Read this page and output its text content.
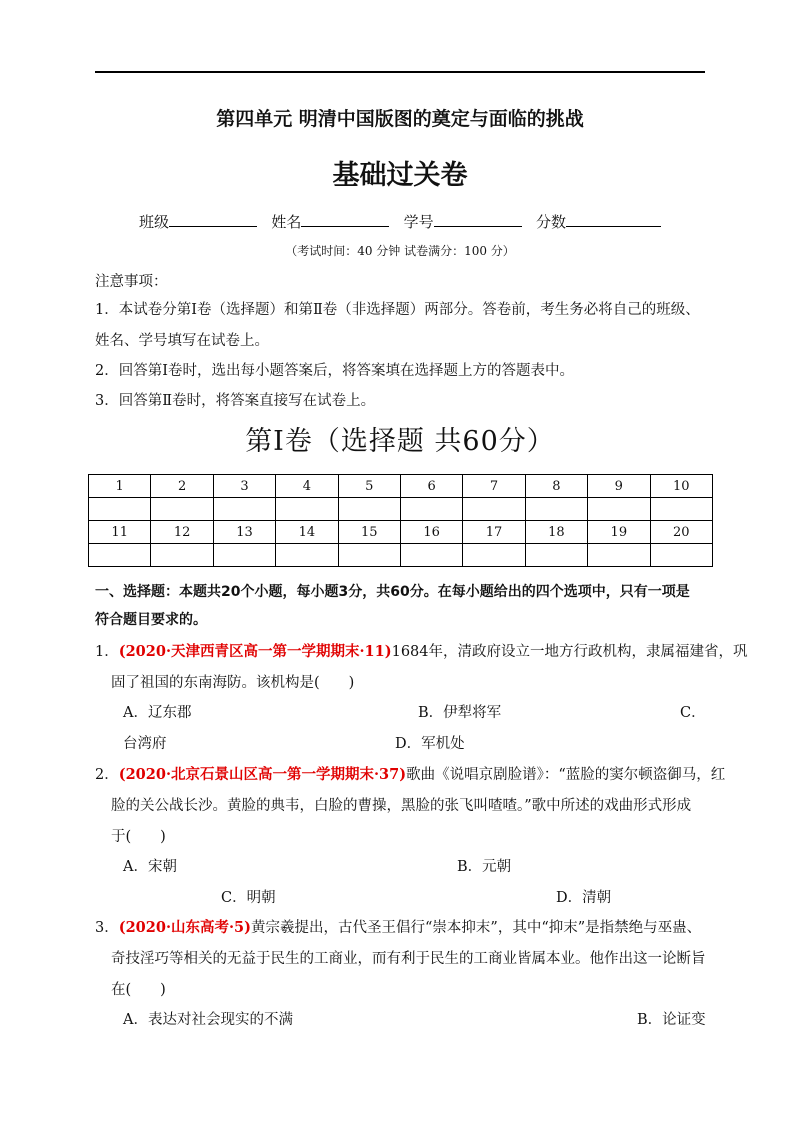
第四单元 明清中国版图的奠定与面临的挑战
基础过关卷
班级	姓名	学号	分数
（考试时间：40 分钟 试卷满分：100 分）
注意事项：
1．本试卷分第Ⅰ卷（选择题）和第Ⅱ卷（非选择题）两部分。答卷前，考生务必将自己的班级、
姓名、学号填写在试卷上。
2．回答第Ⅰ卷时，选出每小题答案后，将答案填在选择题上方的答题表中。
3．回答第Ⅱ卷时，将答案直接写在试卷上。
第Ⅰ卷（选择题 共60分）
1	2	3	4	5	6	7	8	9	10

11	12	13	14	15	16	17	18	19	20

一、选择题：本题共20个小题，每小题3分，共60分。在每小题给出的四个选项中，只有一项是
符合题目要求的。
1．(2020·天津西青区高一第一学期期末·11)1684年，清政府设立一地方行政机构，隶属福建省，巩
固了祖国的东南海防。该机构是(　　)
A．辽东郡	B．伊犁将军	C．
台湾府	D．军机处
2．(2020·北京石景山区高一第一学期期末·37)歌曲《说唱京剧脸谱》：“蓝脸的窦尔顿盗御马，红
脸的关公战长沙。黄脸的典韦，白脸的曹操，黑脸的张飞叫喳喳。”歌中所述的戏曲形式形成
于(　　)
A．宋朝	B．元朝
C．明朝	D．清朝
3．(2020·山东高考·5)黄宗羲提出，古代圣王倡行“崇本抑末”，其中“抑末”是指禁绝与巫蛊、
奇技淫巧等相关的无益于民生的工商业，而有利于民生的工商业皆属本业。他作出这一论断旨
在(　　)
A．表达对社会现实的不满	B．论证变
